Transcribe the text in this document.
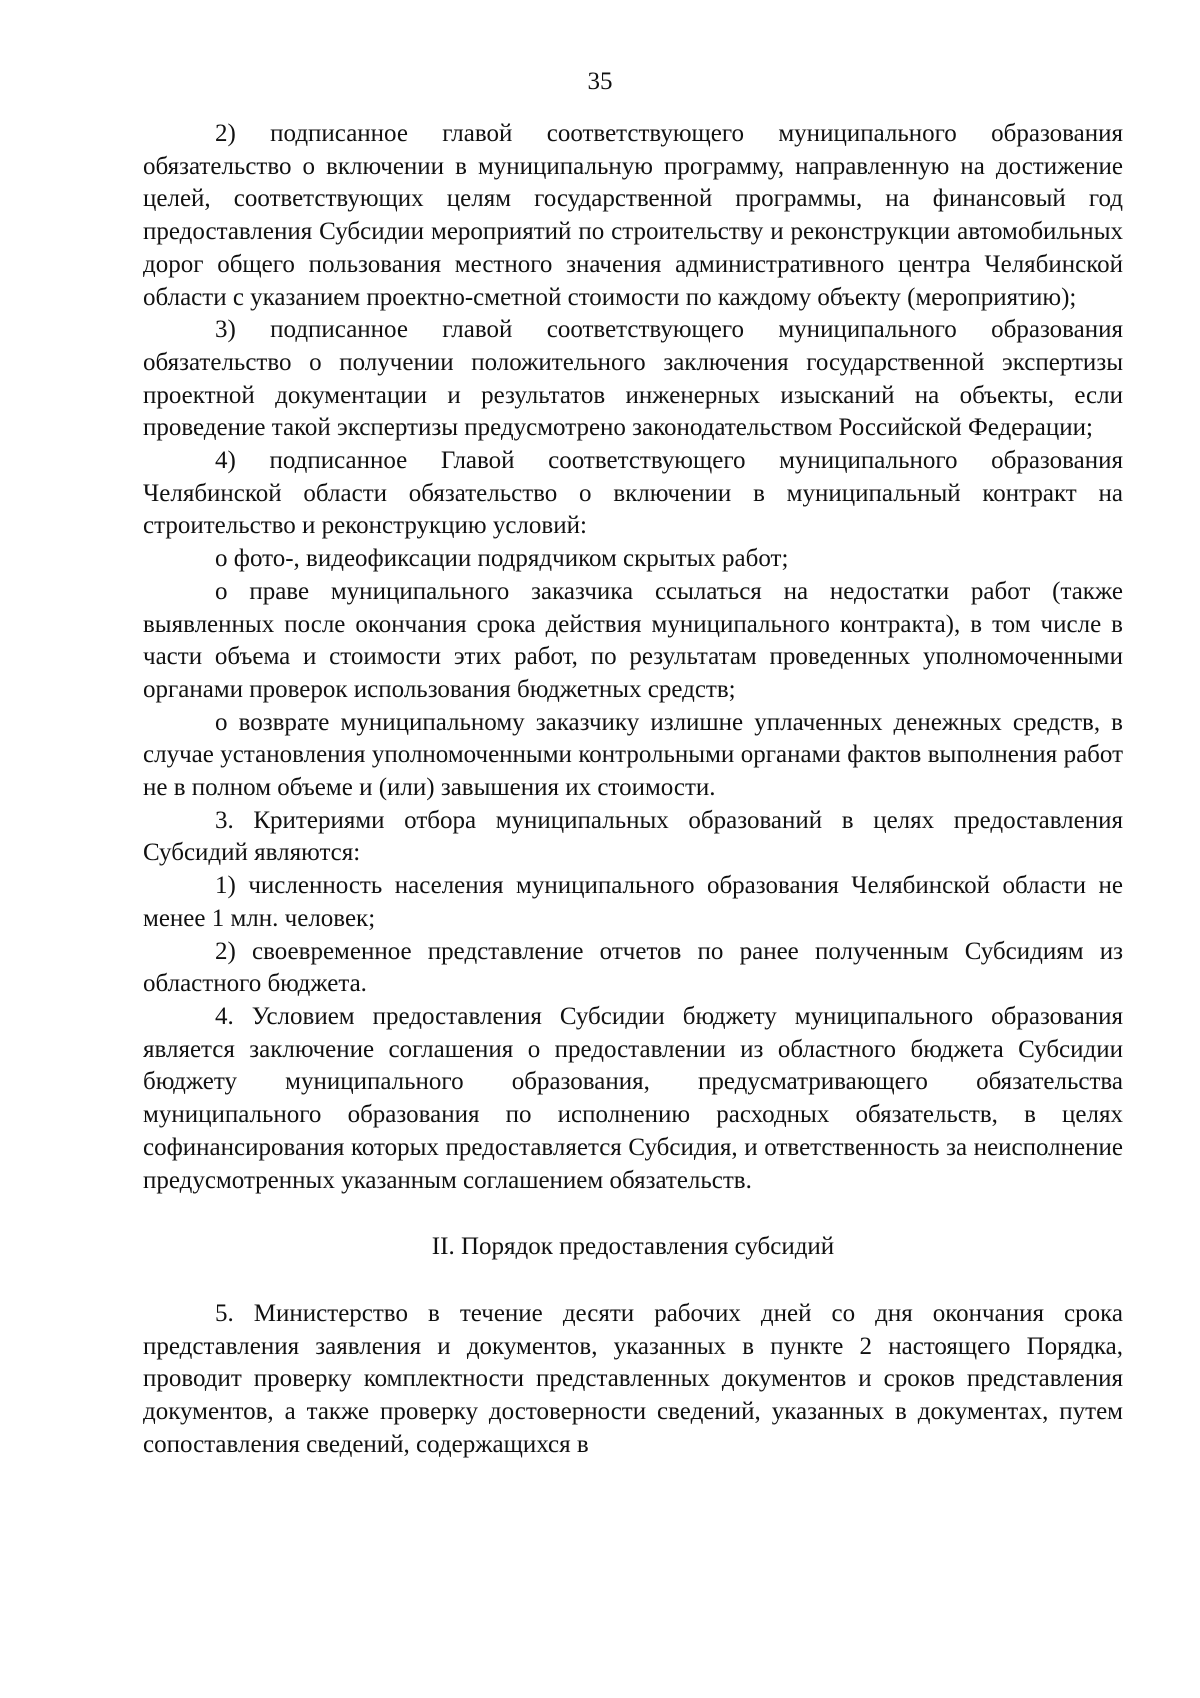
35

2) подписанное главой соответствующего муниципального образования обязательство о включении в муниципальную программу, направленную на достижение целей, соответствующих целям государственной программы, на финансовый год предоставления Субсидии мероприятий по строительству и реконструкции автомобильных дорог общего пользования местного значения административного центра Челябинской области с указанием проектно-сметной стоимости по каждому объекту (мероприятию);

3) подписанное главой соответствующего муниципального образования обязательство о получении положительного заключения государственной экспертизы проектной документации и результатов инженерных изысканий на объекты, если проведение такой экспертизы предусмотрено законодательством Российской Федерации;

4) подписанное Главой соответствующего муниципального образования Челябинской области обязательство о включении в муниципальный контракт на строительство и реконструкцию условий:

о фото-, видеофиксации подрядчиком скрытых работ;

о праве муниципального заказчика ссылаться на недостатки работ (также выявленных после окончания срока действия муниципального контракта), в том числе в части объема и стоимости этих работ, по результатам проведенных уполномоченными органами проверок использования бюджетных средств;

о возврате муниципальному заказчику излишне уплаченных денежных средств, в случае установления уполномоченными контрольными органами фактов выполнения работ не в полном объеме и (или) завышения их стоимости.

3. Критериями отбора муниципальных образований в целях предоставления Субсидий являются:

1) численность населения муниципального образования Челябинской области не менее 1 млн. человек;

2) своевременное представление отчетов по ранее полученным Субсидиям из областного бюджета.

4. Условием предоставления Субсидии бюджету муниципального образования является заключение соглашения о предоставлении из областного бюджета Субсидии бюджету муниципального образования, предусматривающего обязательства муниципального образования по исполнению расходных обязательств, в целях софинансирования которых предоставляется Субсидия, и ответственность за неисполнение предусмотренных указанным соглашением обязательств.

II. Порядок предоставления субсидий

5. Министерство в течение десяти рабочих дней со дня окончания срока представления заявления и документов, указанных в пункте 2 настоящего Порядка, проводит проверку комплектности представленных документов и сроков представления документов, а также проверку достоверности сведений, указанных в документах, путем сопоставления сведений, содержащихся в
